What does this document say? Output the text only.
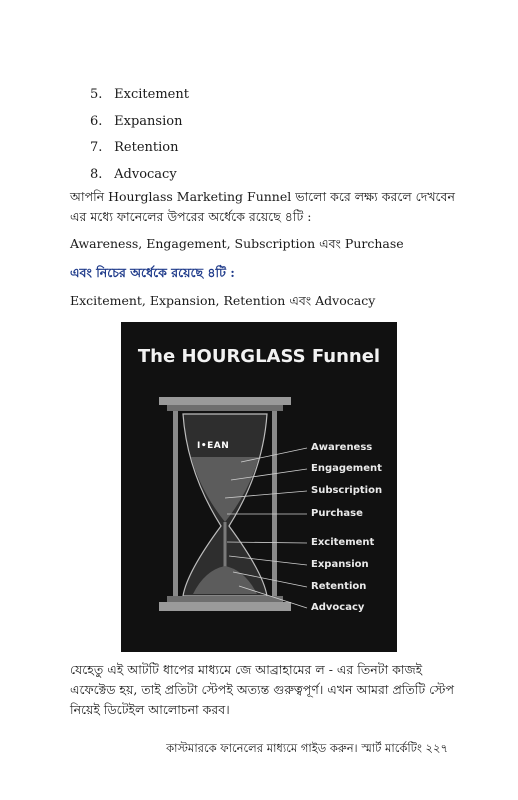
5. Excitement
6. Expansion
7. Retention
8. Advocacy
আপনি Hourglass Marketing Funnel ভালো করে লক্ষ্য করলে দেখবেন এর মধ্যে ফানেলের উপরের অর্ধেকে রয়েছে ৪টি :
Awareness, Engagement, Subscription এবং Purchase
এবং নিচের অর্ধেকে রয়েছে ৪টি :
Excitement, Expansion, Retention এবং Advocacy
The HOURGLASS Funnel
I•EAN	Awareness
Engagement
Subscription
Purchase
Excitement
Expansion
Retention
Advocacy
যেহেতু এই আটটি ধাপের মাধ্যমে জে আব্রাহামের ল - এর তিনটা কাজই এফেক্টেড হয়, তাই প্রতিটা স্টেপই অত্যন্ত গুরুত্বপূর্ণ। এখন আমরা প্রতিটি স্টেপ নিয়েই ডিটেইল আলোচনা করব।
কাস্টমারকে ফানেলের মাধ্যমে গাইড করুন। স্মার্ট মার্কেটিং ২২৭
